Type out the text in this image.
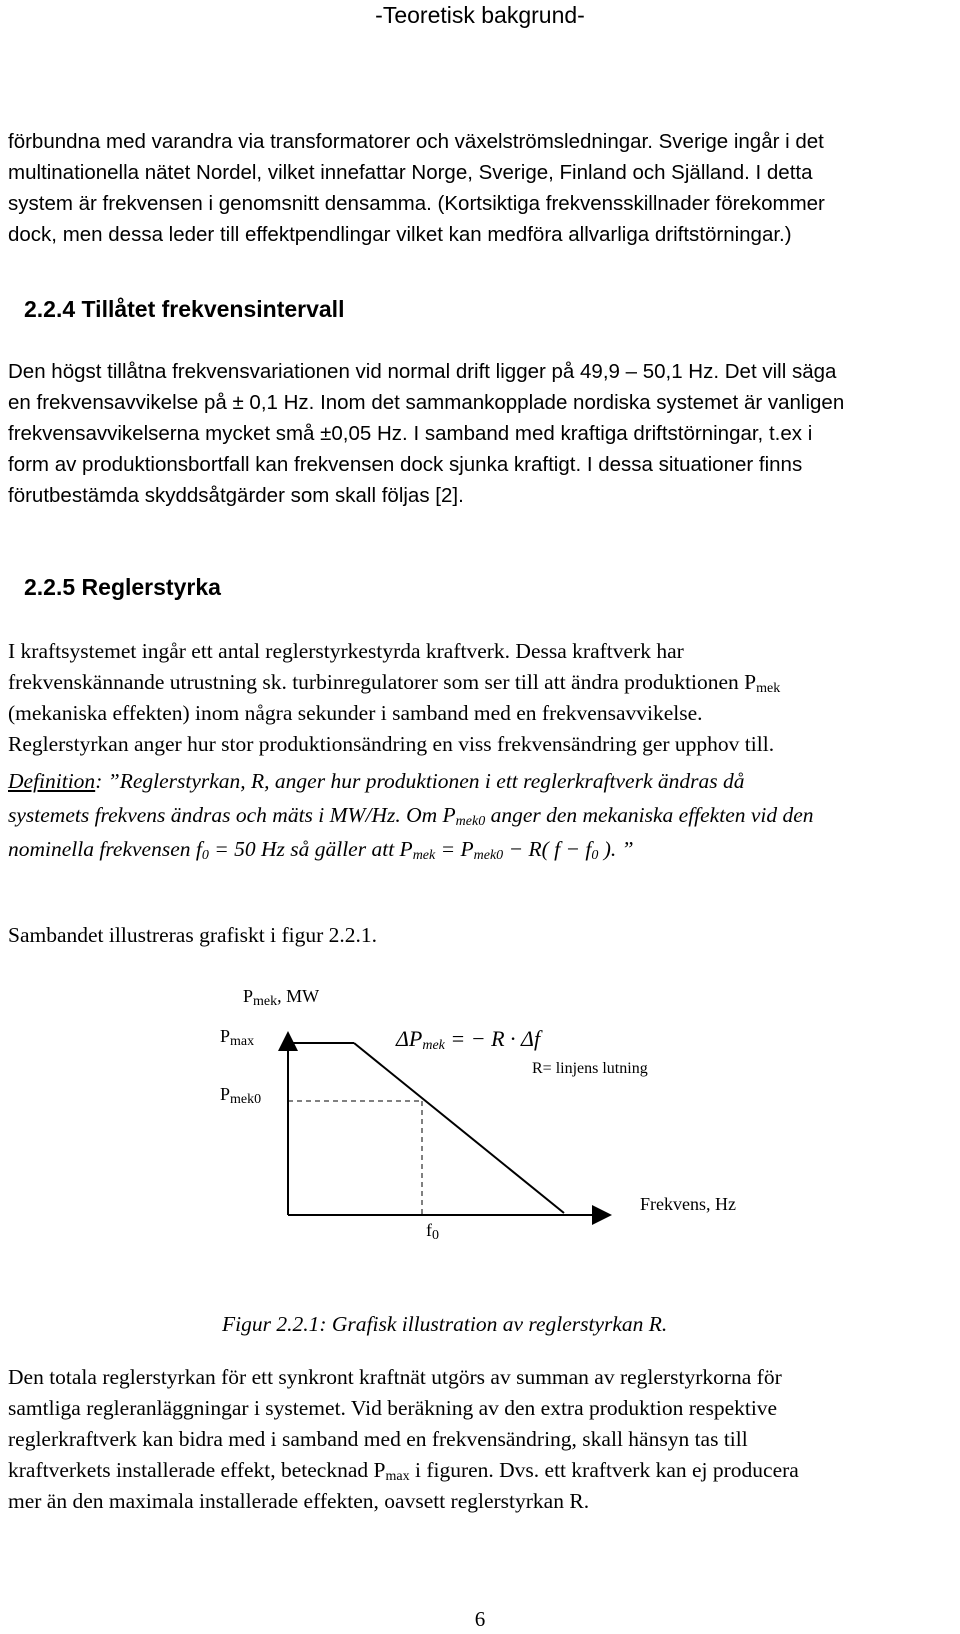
-Teoretisk bakgrund-
förbundna med varandra via transformatorer och växelströmsledningar. Sverige ingår i det
multinationella nätet Nordel, vilket innefattar Norge, Sverige, Finland och Själland. I detta
system är frekvensen i genomsnitt densamma. (Kortsiktiga frekvensskillnader förekommer
dock, men dessa leder till effektpendlingar vilket kan medföra allvarliga driftstörningar.)
2.2.4 Tillåtet frekvensintervall
Den högst tillåtna frekvensvariationen vid normal drift ligger på 49,9 – 50,1 Hz. Det vill säga
en frekvensavvikelse på ± 0,1 Hz. Inom det sammankopplade nordiska systemet är vanligen
frekvensavvikelserna mycket små ±0,05 Hz. I samband med kraftiga driftstörningar, t.ex i
form av produktionsbortfall kan frekvensen dock sjunka kraftigt. I dessa situationer finns
förutbestämda skyddsåtgärder som skall följas [2].
2.2.5 Reglerstyrka
I kraftsystemet ingår ett antal reglerstyrkestyrda kraftverk. Dessa kraftverk har
frekvenskännande utrustning sk. turbinregulatorer som ser till att ändra produktionen $P_{mek}$
(mekaniska effekten) inom några sekunder i samband med en frekvensavvikelse.
Reglerstyrkan anger hur stor produktionsändring en viss frekvensändring ger upphov till.
Definition: ”Reglerstyrkan, R, anger hur produktionen i ett reglerkraftverk ändras då
systemets frekvens ändras och mäts i MW/Hz. Om $P_{mek0}$ anger den mekaniska effekten vid den
nominella frekvensen $f_0 = 50$ Hz så gäller att $P_{mek} = P_{mek0} - R$( $f - f_0$ ). ”
Sambandet illustreras grafiskt i figur 2.2.1.
$P_{mek}$, MW
$P_{max}$
$P_{mek0}$
$\Delta P_{mek}$ = − R · Δf
R= linjens lutning
Frekvens, Hz
$f_0$
Figur 2.2.1: Grafisk illustration av reglerstyrkan R.
Den totala reglerstyrkan för ett synkront kraftnät utgörs av summan av reglerstyrkorna för
samtliga regleranläggningar i systemet. Vid beräkning av den extra produktion respektive
reglerkraftverk kan bidra med i samband med en frekvensändring, skall hänsyn tas till
kraftverkets installerade effekt, betecknad $P_{max}$ i figuren. Dvs. ett kraftverk kan ej producera
mer än den maximala installerade effekten, oavsett reglerstyrkan R.
6
